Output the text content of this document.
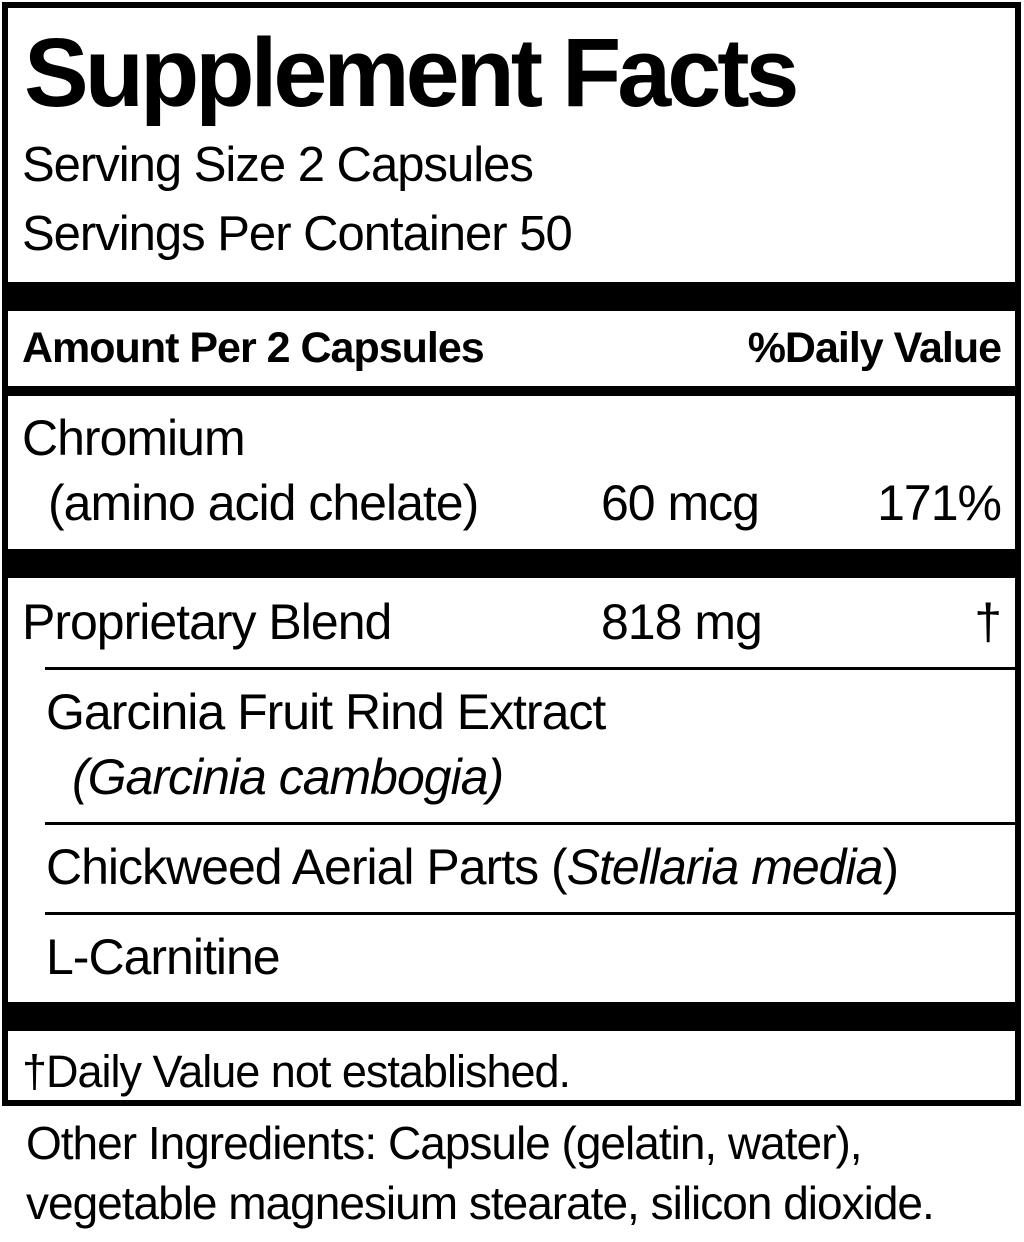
Supplement Facts
Serving Size 2 Capsules
Servings Per Container 50
Amount Per 2 Capsules	%Daily Value
Chromium
(amino acid chelate)	60 mcg	171%
Proprietary Blend	818 mg	†
Garcinia Fruit Rind Extract
(Garcinia cambogia)
Chickweed Aerial Parts (Stellaria media)
L-Carnitine
†Daily Value not established.
Other Ingredients: Capsule (gelatin, water),
vegetable magnesium stearate, silicon dioxide.
